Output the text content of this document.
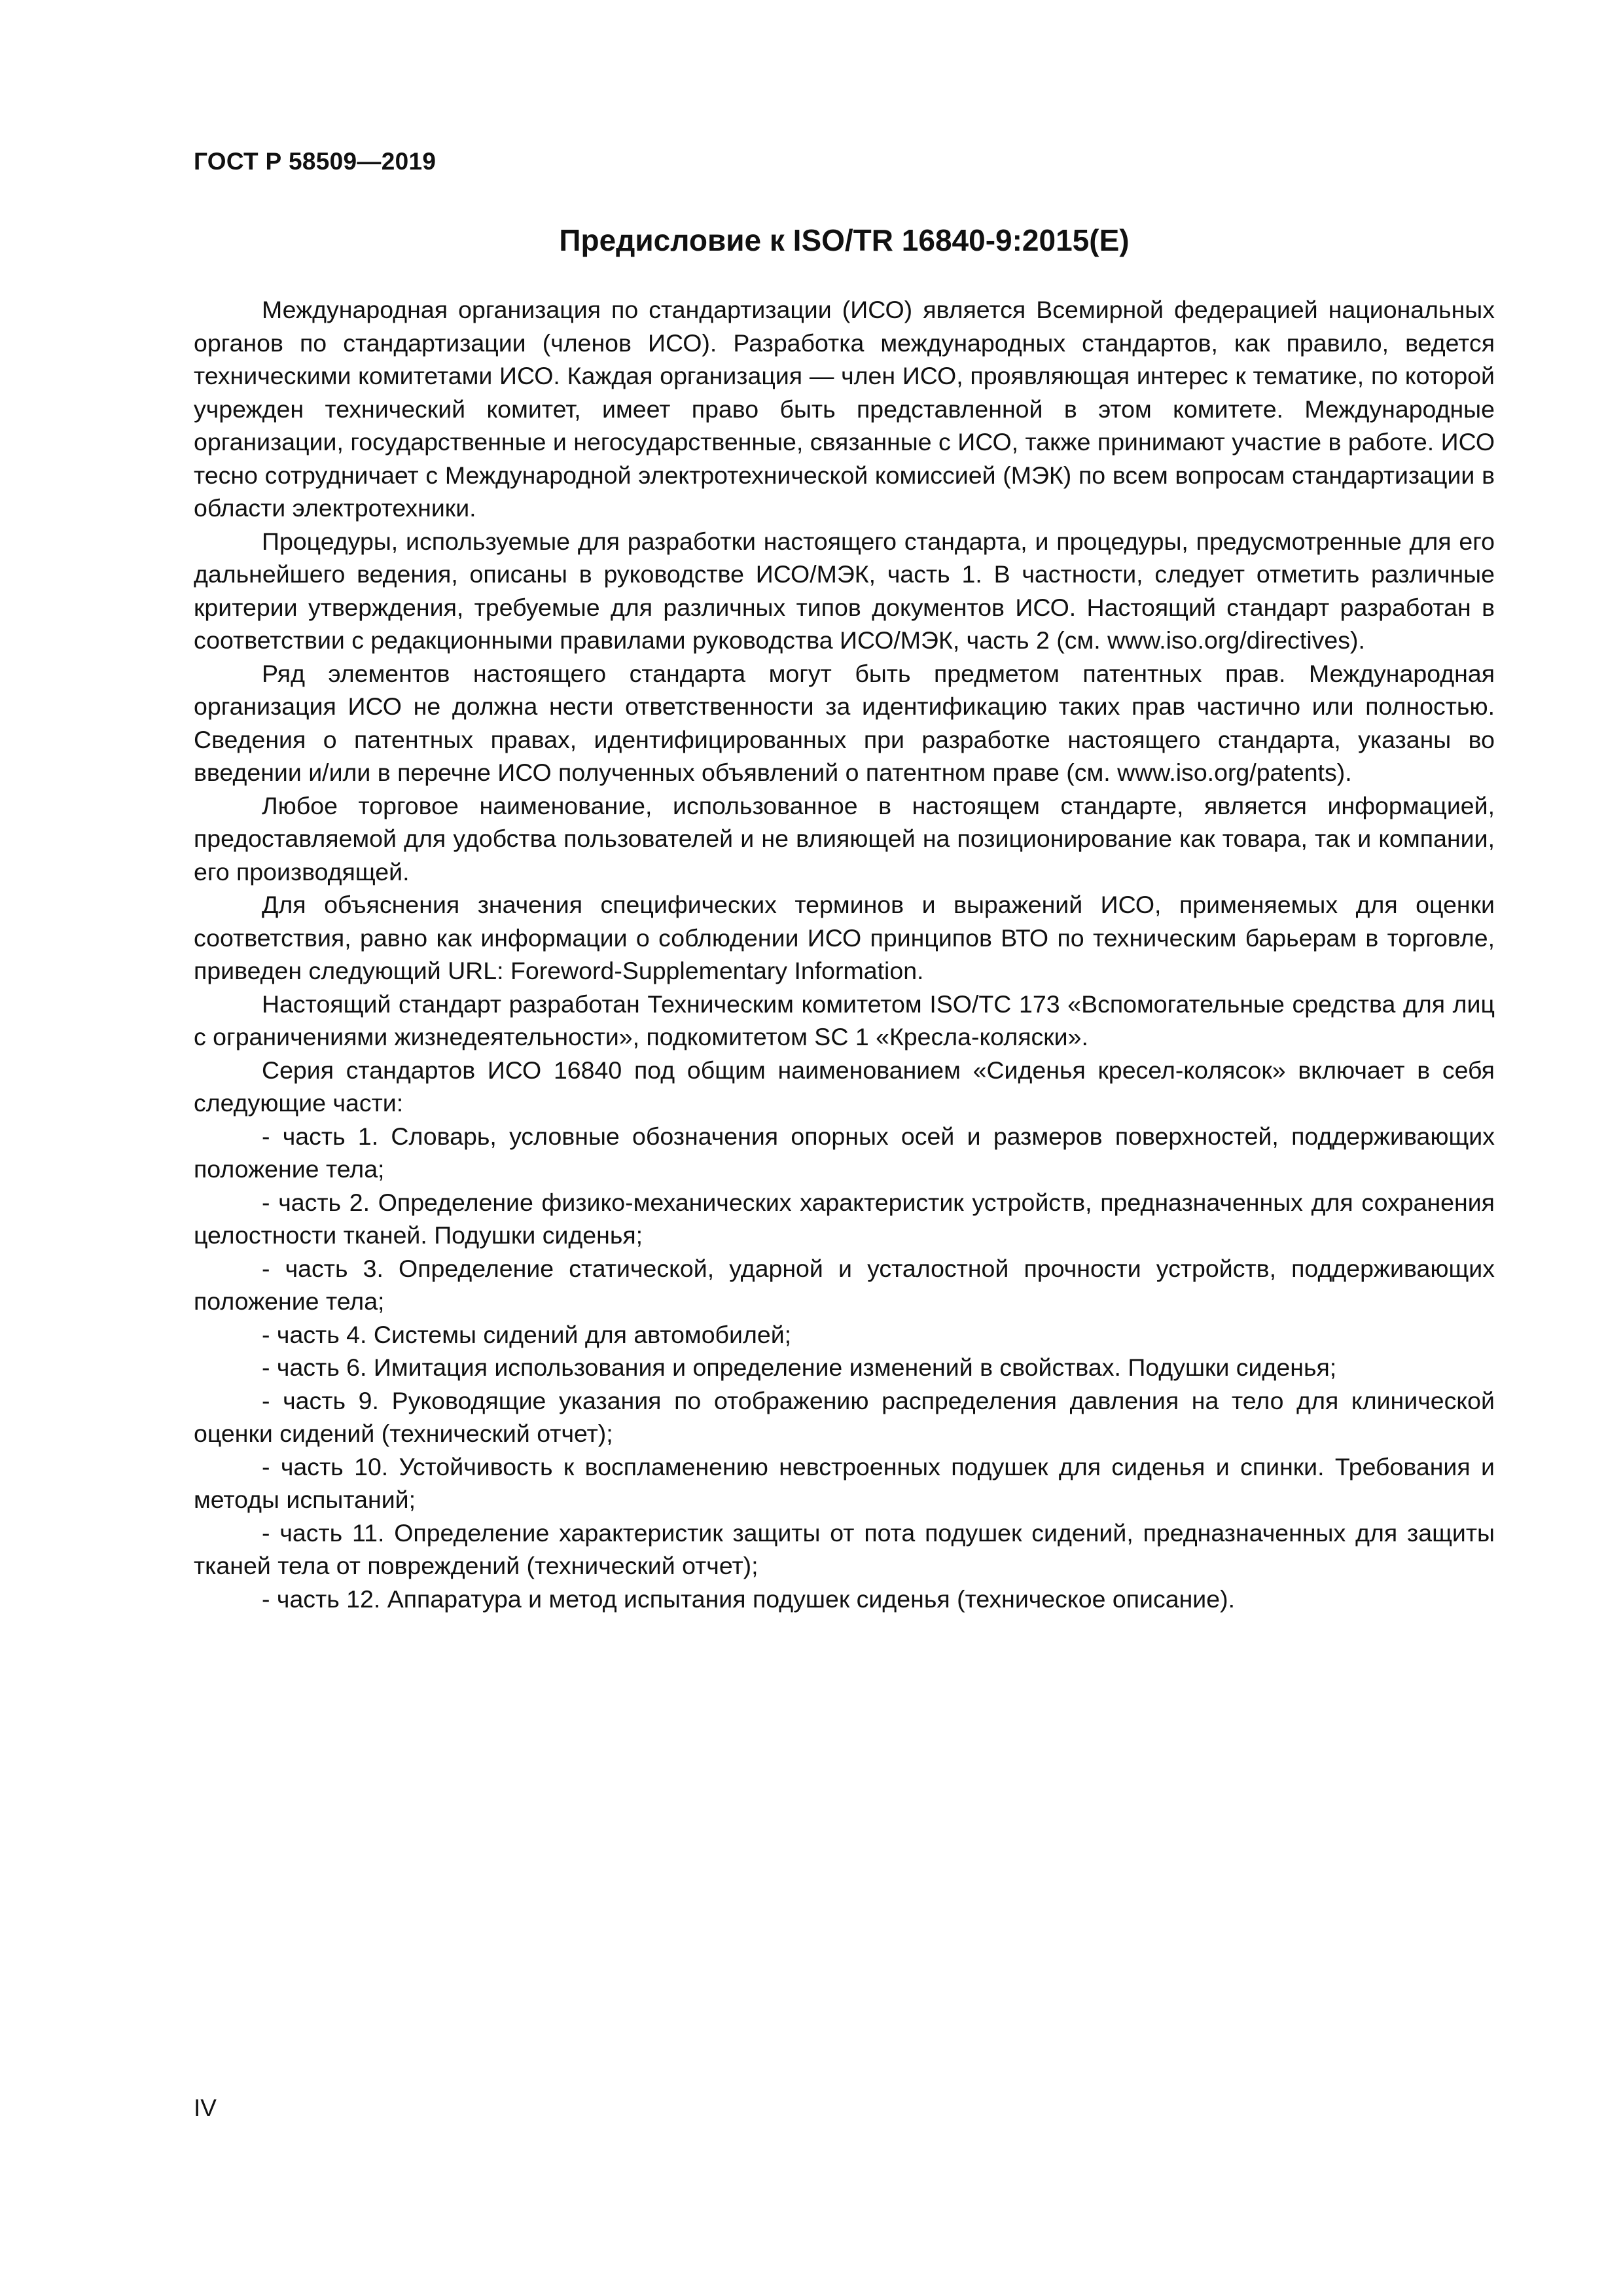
ГОСТ Р 58509—2019
Предисловие к ISO/TR 16840-9:2015(E)

Международная организация по стандартизации (ИСО) является Всемирной федерацией национальных органов по стандартизации (членов ИСО). Разработка международных стандартов, как правило, ведется техническими комитетами ИСО. Каждая организация — член ИСО, проявляющая интерес к тематике, по которой учрежден технический комитет, имеет право быть представленной в этом комитете. Международные организации, государственные и негосударственные, связанные с ИСО, также принимают участие в работе. ИСО тесно сотрудничает с Международной электротехнической комиссией (МЭК) по всем вопросам стандартизации в области электротехники.

Процедуры, используемые для разработки настоящего стандарта, и процедуры, предусмотренные для его дальнейшего ведения, описаны в руководстве ИСО/МЭК, часть 1. В частности, следует отметить различные критерии утверждения, требуемые для различных типов документов ИСО. Настоящий стандарт разработан в соответствии с редакционными правилами руководства ИСО/МЭК, часть 2 (см. www.iso.org/directives).

Ряд элементов настоящего стандарта могут быть предметом патентных прав. Международная организация ИСО не должна нести ответственности за идентификацию таких прав частично или полностью. Сведения о патентных правах, идентифицированных при разработке настоящего стандарта, указаны во введении и/или в перечне ИСО полученных объявлений о патентном праве (см. www.iso.org/patents).

Любое торговое наименование, использованное в настоящем стандарте, является информацией, предоставляемой для удобства пользователей и не влияющей на позиционирование как товара, так и компании, его производящей.

Для объяснения значения специфических терминов и выражений ИСО, применяемых для оценки соответствия, равно как информации о соблюдении ИСО принципов ВТО по техническим барьерам в торговле, приведен следующий URL: Foreword-Supplementary Information.

Настоящий стандарт разработан Техническим комитетом ISO/TC 173 «Вспомогательные средства для лиц с ограничениями жизнедеятельности», подкомитетом SC 1 «Кресла-коляски».

Серия стандартов ИСО 16840 под общим наименованием «Сиденья кресел-колясок» включает в себя следующие части:

- часть 1. Словарь, условные обозначения опорных осей и размеров поверхностей, поддерживающих положение тела;

- часть 2. Определение физико-механических характеристик устройств, предназначенных для сохранения целостности тканей. Подушки сиденья;

- часть 3. Определение статической, ударной и усталостной прочности устройств, поддерживающих положение тела;

- часть 4. Системы сидений для автомобилей;

- часть 6. Имитация использования и определение изменений в свойствах. Подушки сиденья;

- часть 9. Руководящие указания по отображению распределения давления на тело для клинической оценки сидений (технический отчет);

- часть 10. Устойчивость к воспламенению невстроенных подушек для сиденья и спинки. Требования и методы испытаний;

- часть 11. Определение характеристик защиты от пота подушек сидений, предназначенных для защиты тканей тела от повреждений (технический отчет);

- часть 12. Аппаратура и метод испытания подушек сиденья (техническое описание).

IV
